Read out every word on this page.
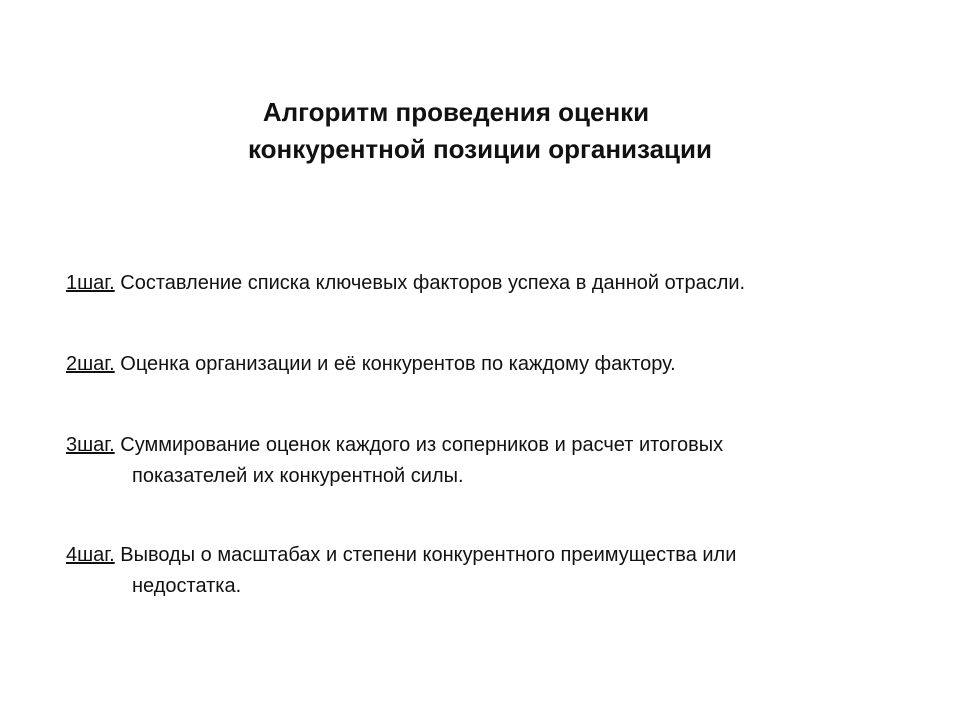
Алгоритм проведения оценки
конкурентной позиции организации
1шаг. Составление списка ключевых факторов успеха в данной отрасли.
2шаг. Оценка организации и её конкурентов по каждому фактору.
3шаг. Суммирование оценок каждого из соперников и расчет итоговых
показателей их конкурентной силы.
4шаг. Выводы о масштабах и степени конкурентного преимущества или
недостатка.
